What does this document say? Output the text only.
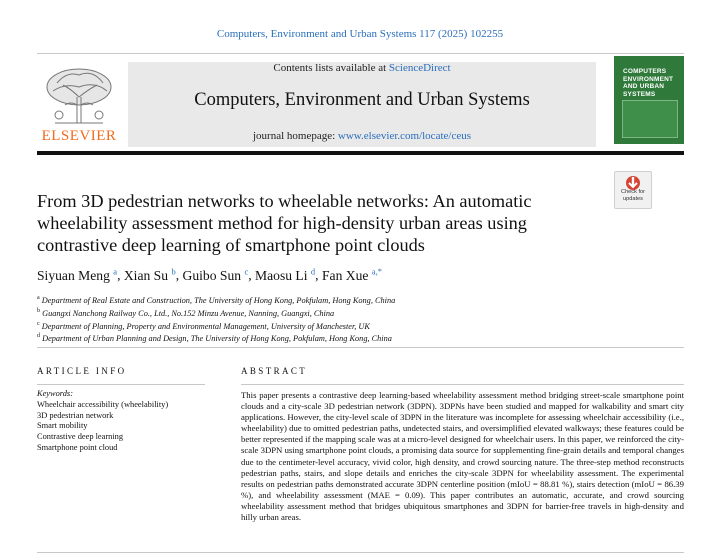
Computers, Environment and Urban Systems 117 (2025) 102255
ELSEVIER
Contents lists available at ScienceDirect
Computers, Environment and Urban Systems
journal homepage: www.elsevier.com/locate/ceus
COMPUTERS ENVIRONMENT AND URBAN SYSTEMS
Check for updates
From 3D pedestrian networks to wheelable networks: An automatic wheelability assessment method for high-density urban areas using contrastive deep learning of smartphone point clouds
Siyuan Meng $^a$, Xian Su $^b$, Guibo Sun $^c$, Maosu Li $^d$, Fan Xue $^{a,*}$
$^a$ Department of Real Estate and Construction, The University of Hong Kong, Pokfulam, Hong Kong, China
$^b$ Guangxi Nanchong Railway Co., Ltd., No.152 Minzu Avenue, Nanning, Guangxi, China
$^c$ Department of Planning, Property and Environmental Management, University of Manchester, UK
$^d$ Department of Urban Planning and Design, The University of Hong Kong, Pokfulam, Hong Kong, China
ARTICLE INFO	ABSTRACT
Keywords:
Wheelchair accessibility (wheelability)
3D pedestrian network
Smart mobility
Contrastive deep learning
Smartphone point cloud
This paper presents a contrastive deep learning-based wheelability assessment method bridging street-scale smartphone point clouds and a city-scale 3D pedestrian network (3DPN). 3DPNs have been studied and mapped for walkability and smart city applications. However, the city-level scale of 3DPN in the literature was incomplete for assessing wheelchair accessibility (i.e., wheelability) due to omitted pedestrian paths, undetected stairs, and oversimplified elevated walkways; these features could be better represented if the mapping scale was at a micro-level designed for wheelchair users. In this paper, we reinforced the city-scale 3DPN using smartphone point clouds, a promising data source for supplementing fine-grain details and temporal changes due to the centimeter-level accuracy, vivid color, high density, and crowd sourcing nature. The three-step method reconstructs pedestrian paths, stairs, and slope details and enriches the city-scale 3DPN for wheelability assessment. The experimental results on pedestrian paths demonstrated accurate 3DPN centerline position (mIoU = 88.81 %), stairs detection (mIoU = 86.39 %), and wheelability assessment (MAE = 0.09). This paper contributes an automatic, accurate, and crowd sourcing wheelability assessment method that bridges ubiquitous smartphones and 3DPN for barrier-free travels in high-density and hilly urban areas.
